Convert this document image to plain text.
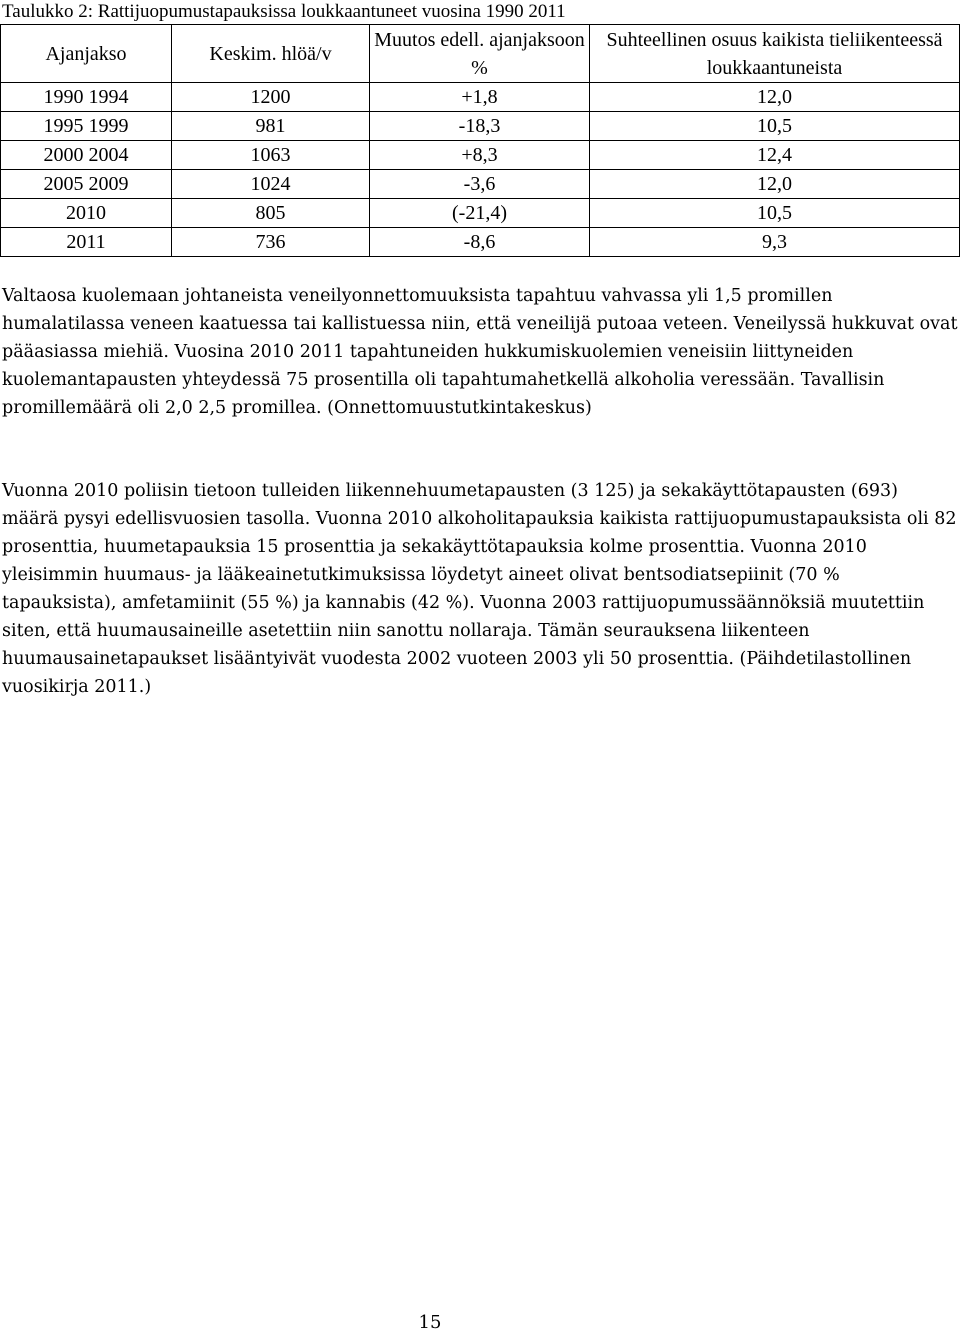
Taulukko 2: Rattijuopumustapauksissa loukkaantuneet vuosina 1990 2011
Ajanjakso	Keskim. hlöä/v	Muutos edell. ajanjaksoon %	Suhteellinen osuus kaikista tieliikenteessä loukkaantuneista
1990 1994	1200	+1,8	12,0
1995 1999	981	-18,3	10,5
2000 2004	1063	+8,3	12,4
2005 2009	1024	-3,6	12,0
2010	805	(-21,4)	10,5
2011	736	-8,6	9,3

Valtaosa kuolemaan johtaneista veneilyonnettomuuksista tapahtuu vahvassa yli 1,5 promillen humalatilassa veneen kaatuessa tai kallistuessa niin, että veneilijä putoaa veteen. Veneilyssä hukkuvat ovat pääasiassa miehiä. Vuosina 2010 2011 tapahtuneiden hukkumiskuolemien veneisiin liittyneiden kuolemantapausten yhteydessä 75 prosentilla oli tapahtumahetkellä alkoholia veressään. Tavallisin promillemäärä oli 2,0 2,5 promillea. (Onnettomuustutkintakeskus)

Vuonna 2010 poliisin tietoon tulleiden liikennehuumetapausten (3 125) ja sekakäyttötapausten (693) määrä pysyi edellisvuosien tasolla. Vuonna 2010 alkoholitapauksia kaikista rattijuopumustapauksista oli 82 prosenttia, huumetapauksia 15 prosenttia ja sekakäyttötapauksia kolme prosenttia. Vuonna 2010 yleisimmin huumaus- ja lääkeainetutkimuksissa löydetyt aineet olivat bentsodiatsepiinit (70 % tapauksista), amfetamiinit (55 %) ja kannabis (42 %). Vuonna 2003 rattijuopumussäännöksiä muutettiin siten, että huumausaineille asetettiin niin sanottu nollaraja. Tämän seurauksena liikenteen huumausainetapaukset lisääntyivät vuodesta 2002 vuoteen 2003 yli 50 prosenttia. (Päihdetilastollinen vuosikirja 2011.)

15
